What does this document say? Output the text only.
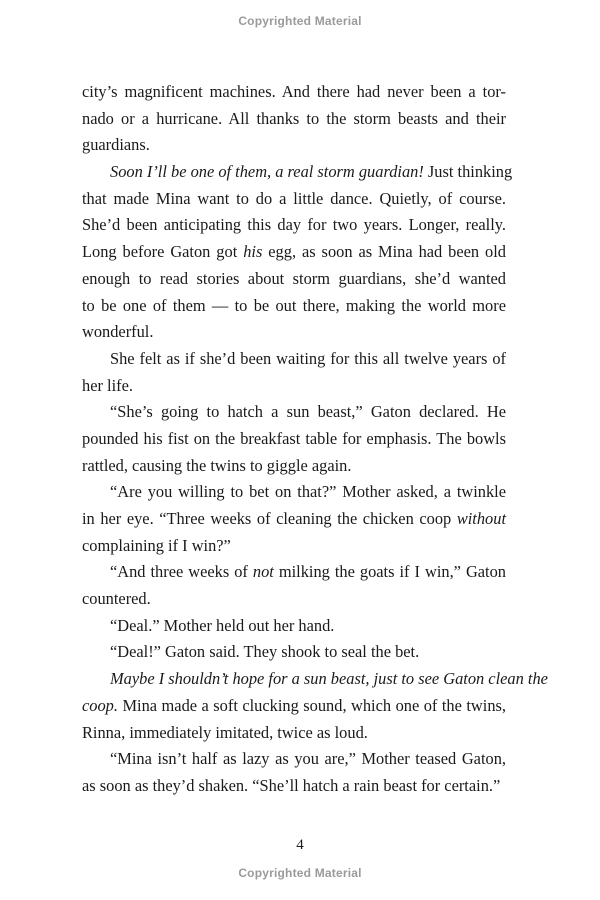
Copyrighted Material
city’s magnificent machines. And there had never been a tor-
nado or a hurricane. All thanks to the storm beasts and their
guardians.
Soon I’ll be one of them, a real storm guardian! Just thinking
that made Mina want to do a little dance. Quietly, of course.
She’d been anticipating this day for two years. Longer, really.
Long before Gaton got his egg, as soon as Mina had been old
enough to read stories about storm guardians, she’d wanted
to be one of them — to be out there, making the world more
wonderful.
She felt as if she’d been waiting for this all twelve years of
her life.
“She’s going to hatch a sun beast,” Gaton declared. He
pounded his fist on the breakfast table for emphasis. The bowls
rattled, causing the twins to giggle again.
“Are you willing to bet on that?” Mother asked, a twinkle
in her eye. “Three weeks of cleaning the chicken coop without
complaining if I win?”
“And three weeks of not milking the goats if I win,” Gaton
countered.
“Deal.” Mother held out her hand.
“Deal!” Gaton said. They shook to seal the bet.
Maybe I shouldn’t hope for a sun beast, just to see Gaton clean the
coop. Mina made a soft clucking sound, which one of the twins,
Rinna, immediately imitated, twice as loud.
“Mina isn’t half as lazy as you are,” Mother teased Gaton,
as soon as they’d shaken. “She’ll hatch a rain beast for certain.”
4
Copyrighted Material
